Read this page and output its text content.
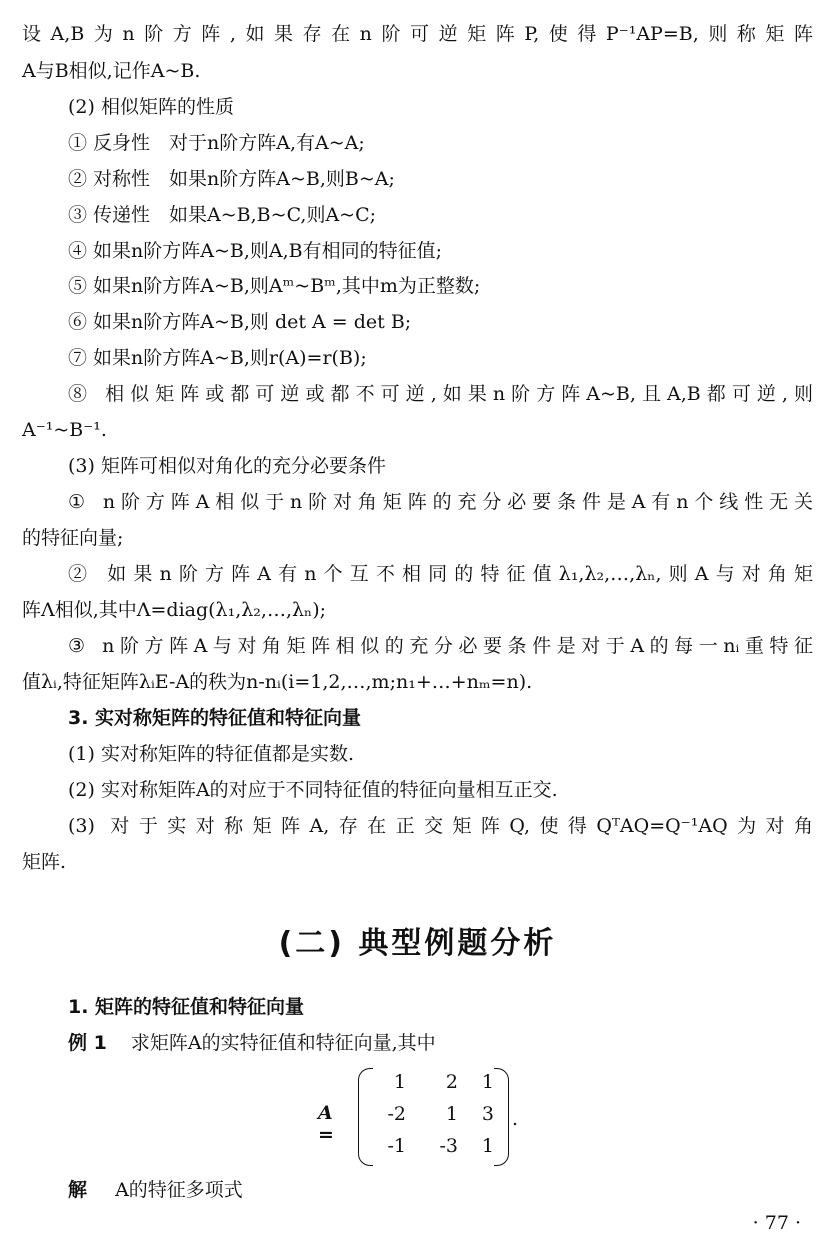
设A,B为n阶方阵,如果存在n阶可逆矩阵P,使得P⁻¹AP=B,则称矩阵
A与B相似,记作A~B.
(2) 相似矩阵的性质
① 反身性　对于n阶方阵A,有A~A;
② 对称性　如果n阶方阵A~B,则B~A;
③ 传递性　如果A~B,B~C,则A~C;
④ 如果n阶方阵A~B,则A,B有相同的特征值;
⑤ 如果n阶方阵A~B,则Aᵐ~Bᵐ,其中m为正整数;
⑥ 如果n阶方阵A~B,则 det A = det B;
⑦ 如果n阶方阵A~B,则r(A)=r(B);
⑧ 相似矩阵或都可逆或都不可逆,如果n阶方阵A~B,且A,B都可逆,则
A⁻¹~B⁻¹.
(3) 矩阵可相似对角化的充分必要条件
① n阶方阵A相似于n阶对角矩阵的充分必要条件是A有n个线性无关
的特征向量;
② 如果n阶方阵A有n个互不相同的特征值λ₁,λ₂,…,λₙ,则A与对角矩
阵Λ相似,其中Λ=diag(λ₁,λ₂,…,λₙ);
③ n阶方阵A与对角矩阵相似的充分必要条件是对于A的每一nᵢ重特征
值λᵢ,特征矩阵λᵢE-A的秩为n-nᵢ(i=1,2,…,m;n₁+…+nₘ=n).
3. 实对称矩阵的特征值和特征向量
(1) 实对称矩阵的特征值都是实数.
(2) 实对称矩阵A的对应于不同特征值的特征向量相互正交.
(3) 对于实对称矩阵A,存在正交矩阵Q,使得QᵀAQ=Q⁻¹AQ为对角
矩阵.
(二) 典型例题分析
1. 矩阵的特征值和特征向量
例 1 求矩阵A的实特征值和特征向量,其中
A =
1	2	1
-2	1	3
-1	-3	1
.
解 A的特征多项式
· 77 ·
